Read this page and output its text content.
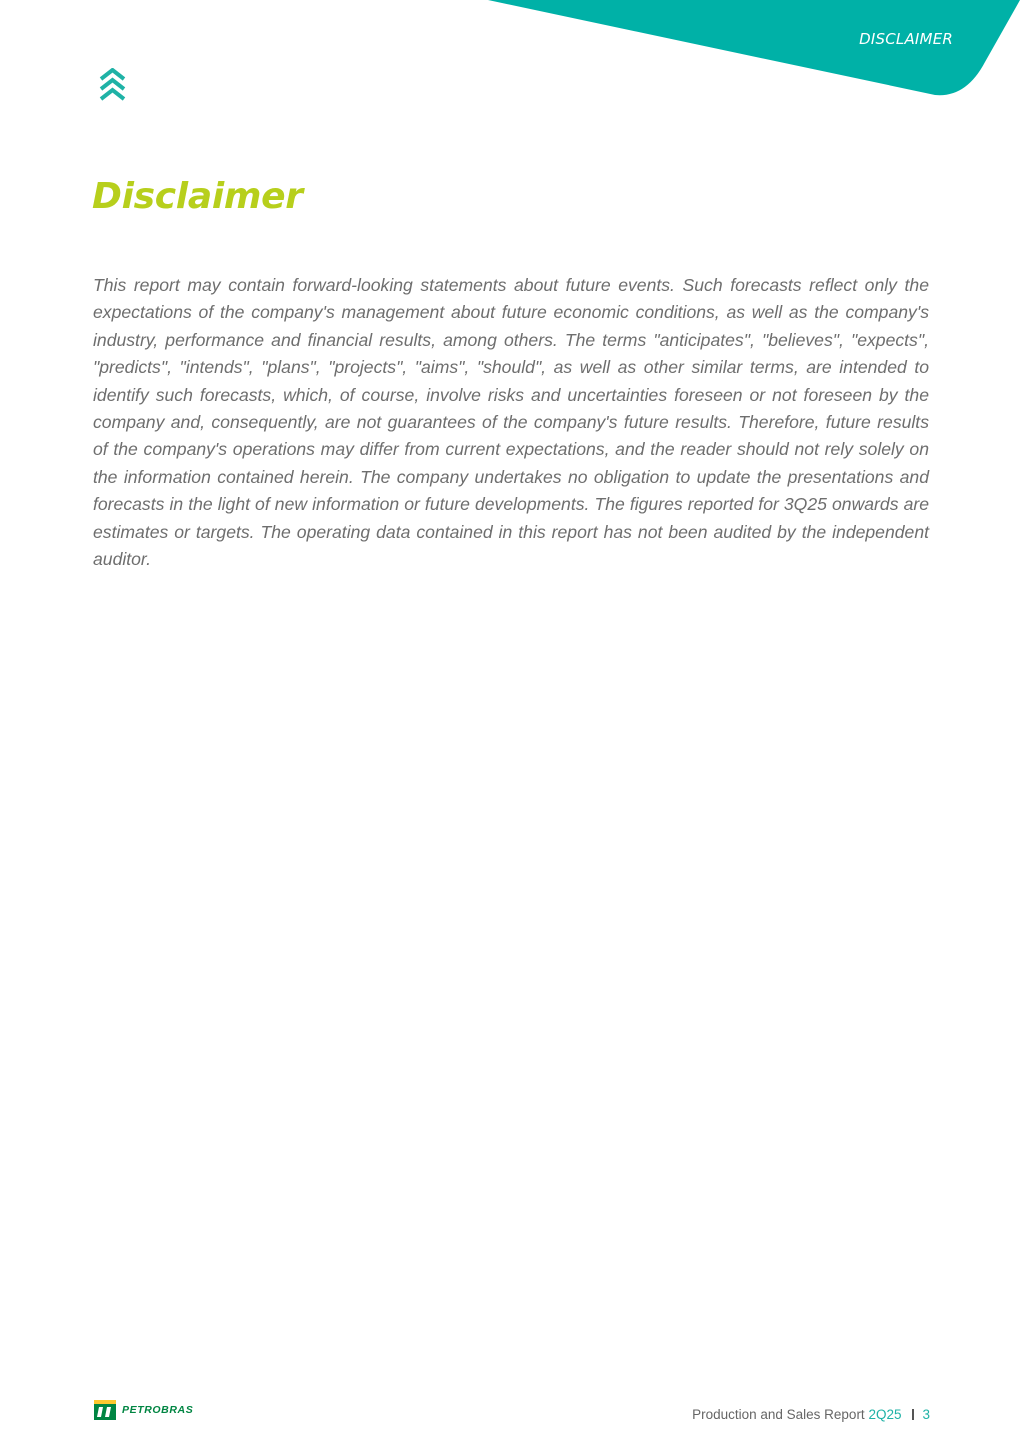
DISCLAIMER
Disclaimer

This report may contain forward-looking statements about future events. Such forecasts reflect only the expectations of the company's management about future economic conditions, as well as the company's industry, performance and financial results, among others. The terms "anticipates", "believes", "expects", "predicts", "intends", "plans", "projects", "aims", "should", as well as other similar terms, are intended to identify such forecasts, which, of course, involve risks and uncertainties foreseen or not foreseen by the company and, consequently, are not guarantees of the company's future results. Therefore, future results of the company's operations may differ from current expectations, and the reader should not rely solely on the information contained herein. The company undertakes no obligation to update the presentations and forecasts in the light of new information or future developments. The figures reported for 3Q25 onwards are estimates or targets. The operating data contained in this report has not been audited by the independent auditor.

PETROBRAS	Production and Sales Report 2Q25 3
